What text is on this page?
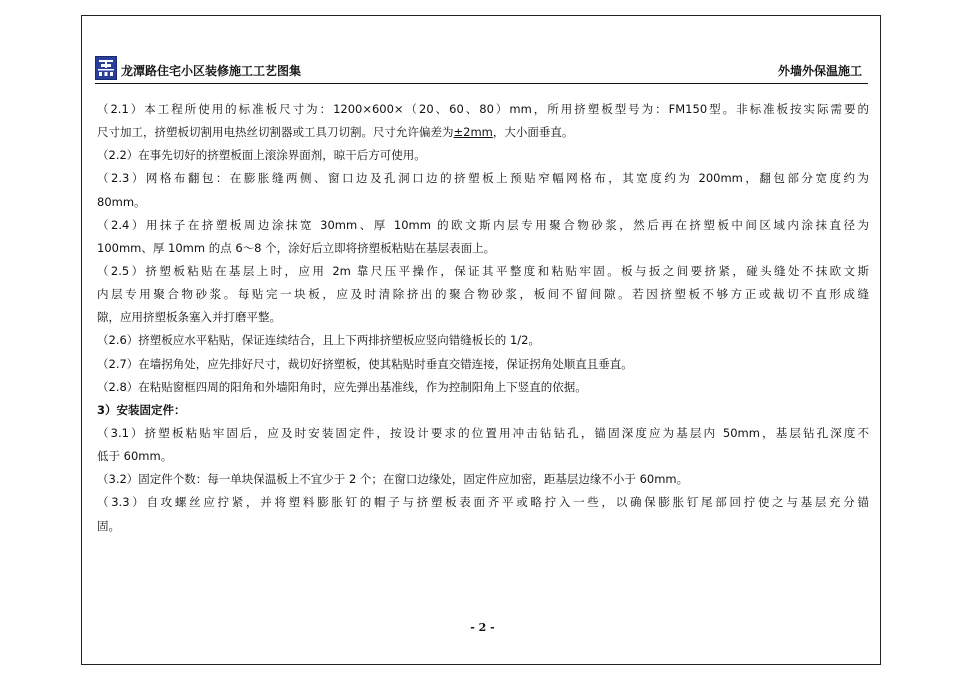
龙潭路住宅小区装修施工工艺图集	外墙外保温施工
（2.1）本工程所使用的标准板尺寸为：1200×600×（20、60、80）mm，所用挤塑板型号为：FM150型。非标准板按实际需要的
尺寸加工，挤塑板切割用电热丝切割器或工具刀切割。尺寸允许偏差为±2mm，大小面垂直。
（2.2）在事先切好的挤塑板面上滚涂界面剂，晾干后方可使用。
（2.3）网格布翻包：在膨胀缝两侧、窗口边及孔洞口边的挤塑板上预贴窄幅网格布，其宽度约为 200mm，翻包部分宽度约为
80mm。
（2.4）用抹子在挤塑板周边涂抹宽 30mm、厚 10mm 的欧文斯内层专用聚合物砂浆，然后再在挤塑板中间区域内涂抹直径为
100mm、厚 10mm 的点 6～8 个，涂好后立即将挤塑板粘贴在基层表面上。
（2.5）挤塑板粘贴在基层上时，应用 2m 靠尺压平操作，保证其平整度和粘贴牢固。板与扳之间要挤紧，碰头缝处不抹欧文斯
内层专用聚合物砂浆。每贴完一块板，应及时清除挤出的聚合物砂浆，板间不留间隙。若因挤塑板不够方正或裁切不直形成缝
隙，应用挤塑板条塞入并打磨平整。
（2.6）挤塑板应水平粘贴，保证连续结合，且上下两排挤塑板应竖向错缝板长的 1/2。
（2.7）在墙拐角处，应先排好尺寸，裁切好挤塑板，使其粘贴时垂直交错连接，保证拐角处顺直且垂直。
（2.8）在粘贴窗框四周的阳角和外墙阳角时，应先弹出基准线，作为控制阳角上下竖直的依据。
3）安装固定件：
（3.1）挤塑板粘贴牢固后，应及时安装固定件，按设计要求的位置用冲击钻钻孔，锚固深度应为基层内 50mm，基层钻孔深度不
低于 60mm。
（3.2）固定件个数：每一单块保温板上不宜少于 2 个；在窗口边缘处，固定件应加密，距基层边缘不小于 60mm。
（3.3）自攻螺丝应拧紧，并将塑料膨胀钉的帽子与挤塑板表面齐平或略拧入一些，以确保膨胀钉尾部回拧使之与基层充分锚
固。
- 2 -
